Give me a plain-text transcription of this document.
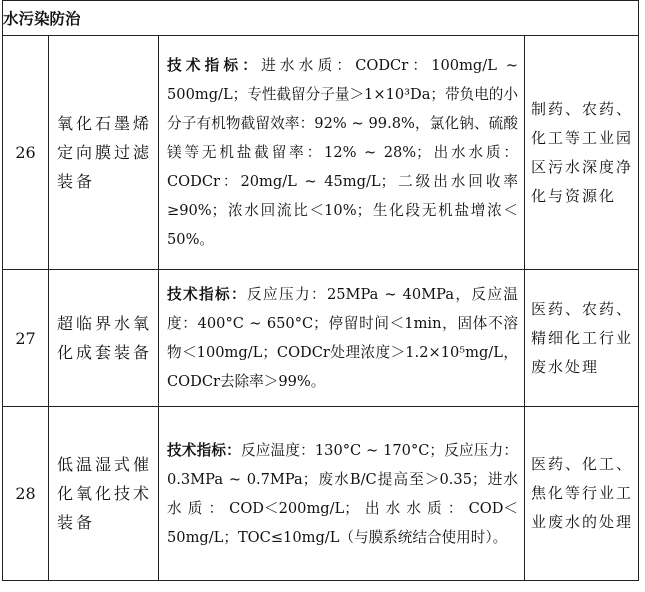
水污染防治			
26	氧化石墨烯定向膜过滤装备	技术指标：进水水质：CODCr：100mg/L ~ 500mg/L；专性截留分子量＞1×10³Da；带负电的小分子有机物截留效率：92% ~ 99.8%，氯化钠、硫酸镁等无机盐截留率：12% ~ 28%；出水水质：CODCr：20mg/L ~ 45mg/L；二级出水回收率≥90%；浓水回流比＜10%；生化段无机盐增浓＜50%。	制药、农药、化工等工业园区污水深度净化与资源化
27	超临界水氧化成套装备	技术指标：反应压力：25MPa ~ 40MPa，反应温度：400°C ~ 650°C；停留时间＜1min，固体不溶物＜100mg/L；CODCr处理浓度＞1.2×10⁵mg/L，CODCr去除率＞99%。	医药、农药、精细化工行业废水处理
28	低温湿式催化氧化技术装备	技术指标：反应温度：130°C ~ 170°C；反应压力：0.3MPa ~ 0.7MPa；废水B/C提高至＞0.35；进水水质：COD＜200mg/L；出水水质：COD＜50mg/L；TOC≤10mg/L（与膜系统结合使用时）。	医药、化工、焦化等行业工业废水的处理
